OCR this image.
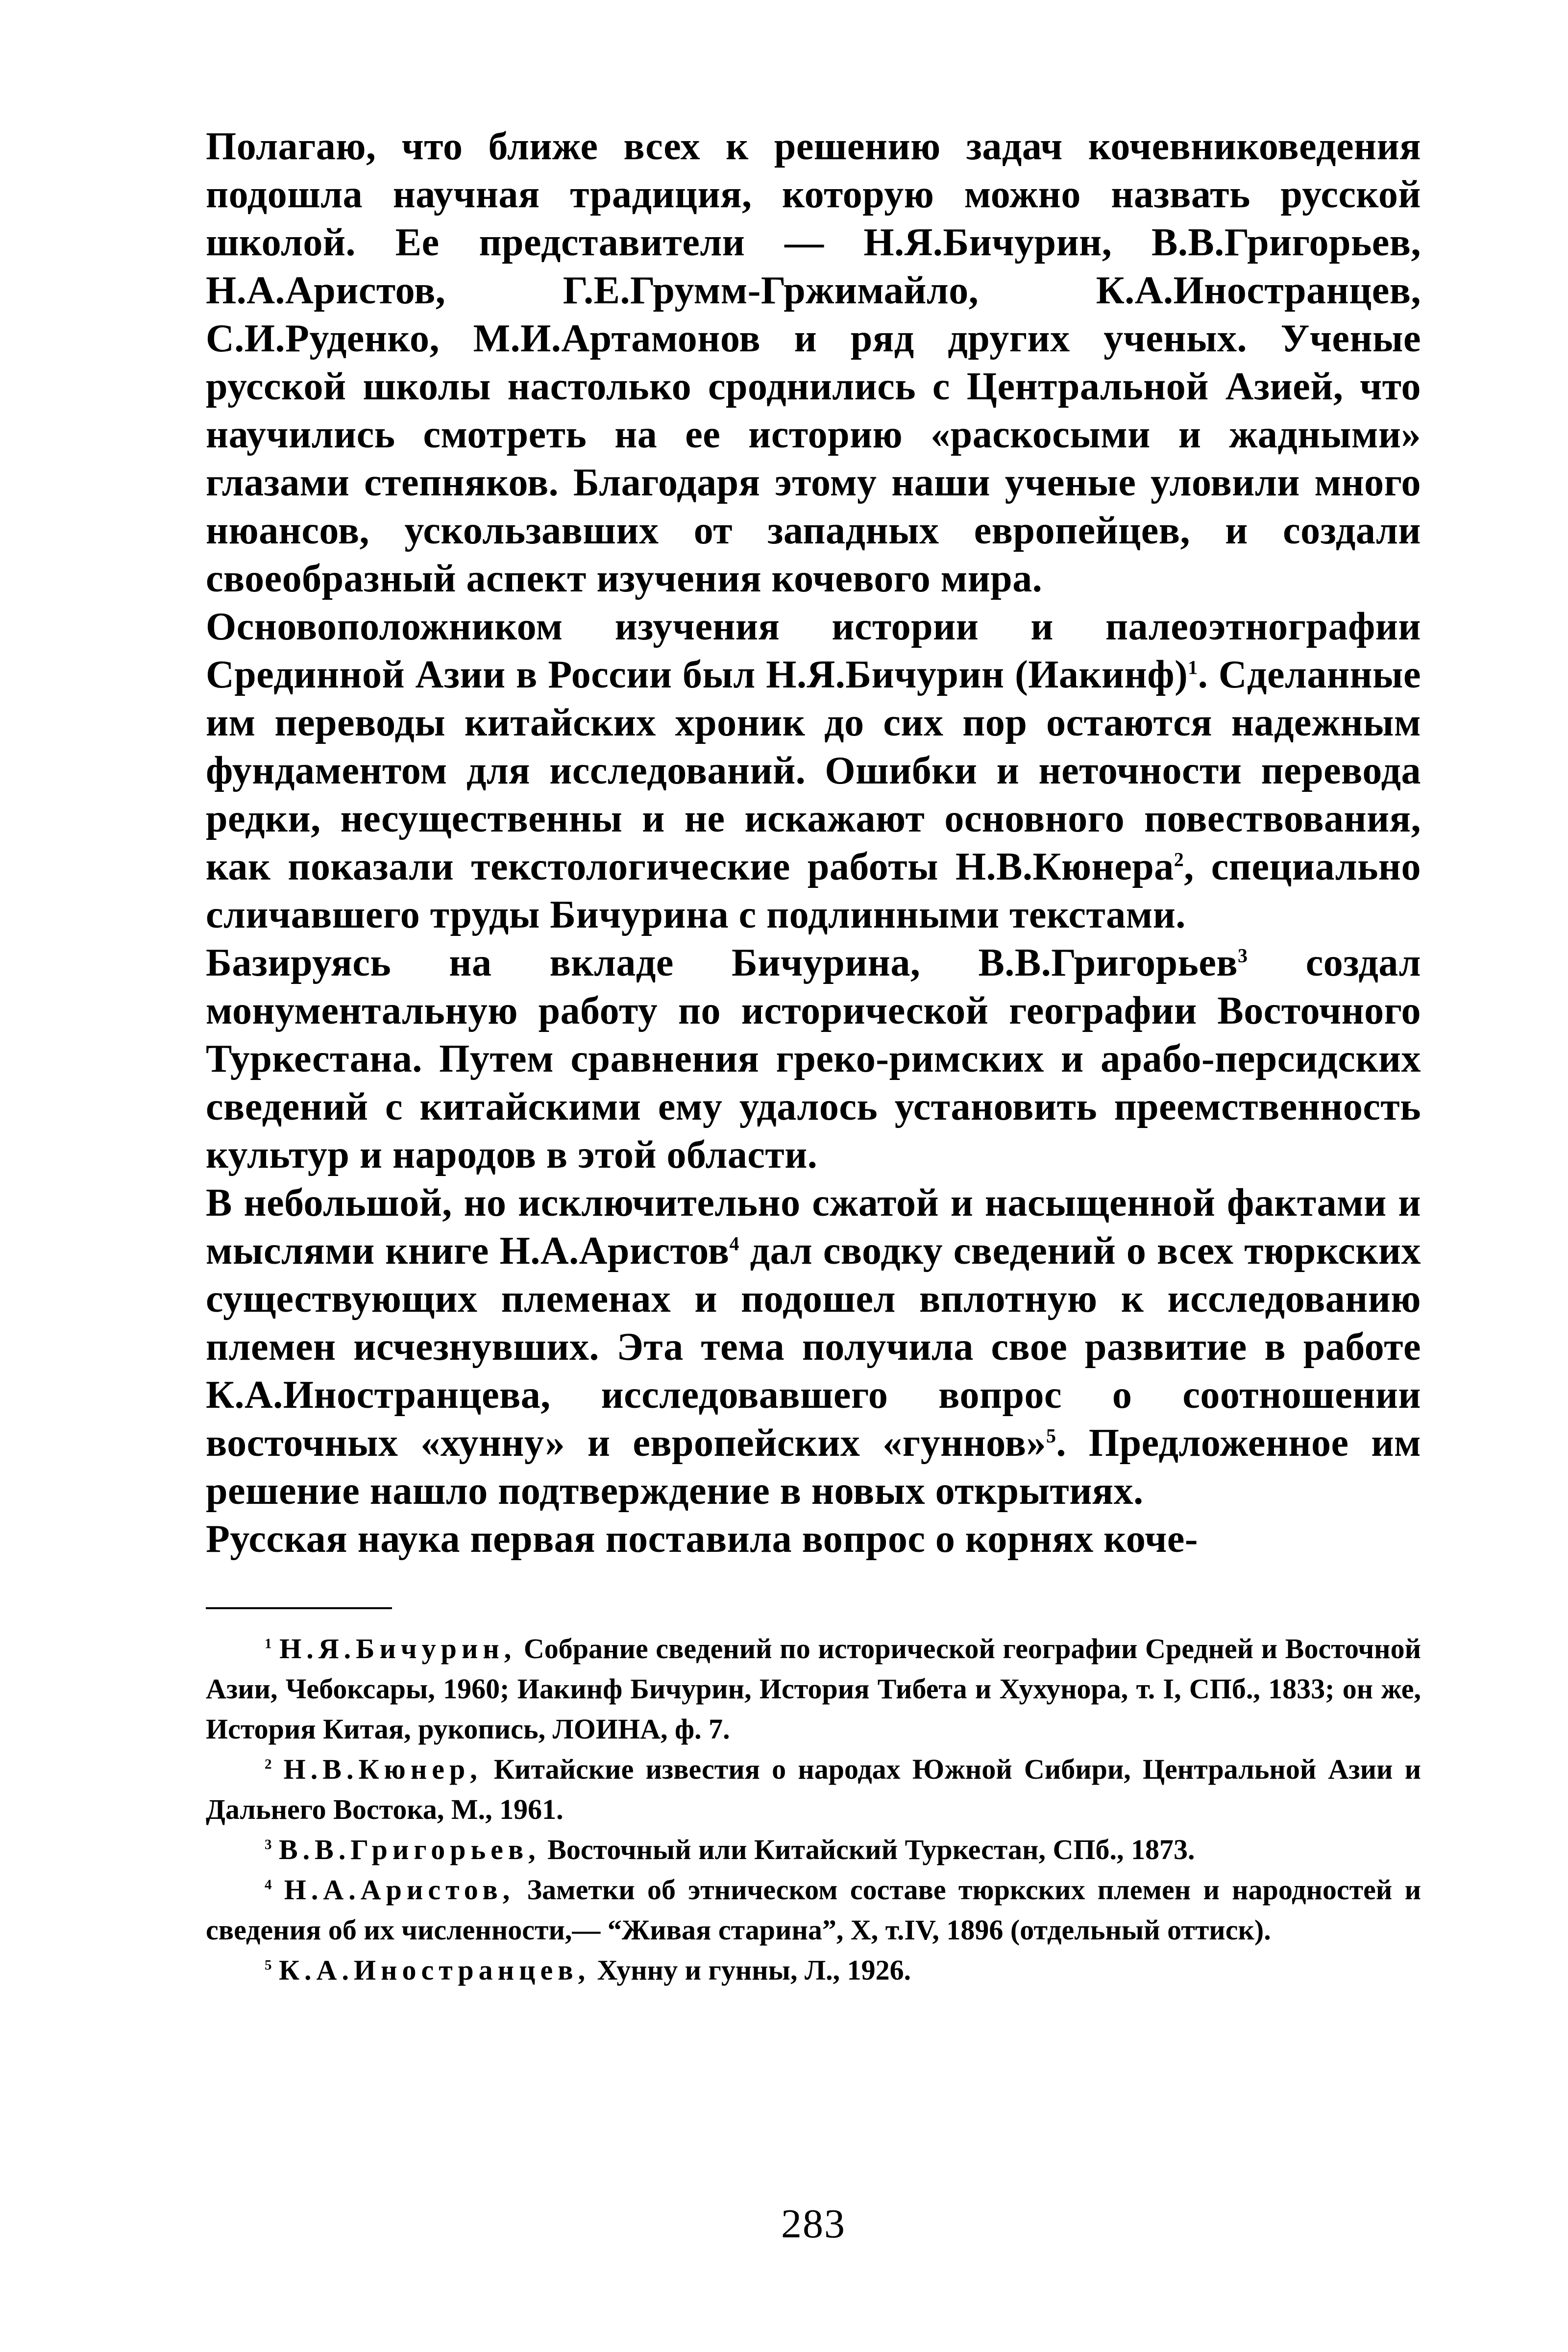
Полагаю, что ближе всех к решению задач кочевниковедения подошла научная традиция, которую можно назвать русской школой. Ее представители — Н.Я.Бичурин, В.В.Григорьев, Н.А.Аристов, Г.Е.Грумм-Гржимайло, К.А.Иностранцев, С.И.Руденко, М.И.Артамонов и ряд других ученых. Ученые русской школы настолько сроднились с Центральной Азией, что научились смотреть на ее историю «раскосыми и жадными» глазами степняков. Благодаря этому наши ученые уловили много нюансов, ускользавших от западных европейцев, и создали своеобразный аспект изучения кочевого мира.

Основоположником изучения истории и палеоэтнографии Срединной Азии в России был Н.Я.Бичурин (Иакинф)$^1$. Сделанные им переводы китайских хроник до сих пор остаются надежным фундаментом для исследований. Ошибки и неточности перевода редки, несущественны и не искажают основного повествования, как показали текстологические работы Н.В.Кюнера$^2$, специально сличавшего труды Бичурина с подлинными текстами.

Базируясь на вкладе Бичурина, В.В.Григорьев$^3$ создал монументальную работу по исторической географии Восточного Туркестана. Путем сравнения греко-римских и арабо-персидских сведений с китайскими ему удалось установить преемственность культур и народов в этой области.

В небольшой, но исключительно сжатой и насыщенной фактами и мыслями книге Н.А.Аристов$^4$ дал сводку сведений о всех тюркских существующих племенах и подошел вплотную к исследованию племен исчезнувших. Эта тема получила свое развитие в работе К.А.Иностранцева, исследовавшего вопрос о соотношении восточных «хунну» и европейских «гуннов»$^5$. Предложенное им решение нашло подтверждение в новых открытиях.

Русская наука первая поставила вопрос о корнях коче-

$^1$ Н.Я.Бичурин, Собрание сведений по исторической географии Средней и Восточной Азии, Чебоксары, 1960; Иакинф Бичурин, История Тибета и Хухунора, т. I, СПб., 1833; он же, История Китая, рукопись, ЛОИНА, ф. 7.

$^2$ Н.В.Кюнер, Китайские известия о народах Южной Сибири, Центральной Азии и Дальнего Востока, М., 1961.

$^3$ В.В.Григорьев, Восточный или Китайский Туркестан, СПб., 1873.

$^4$ Н.А.Аристов, Заметки об этническом составе тюркских племен и народностей и сведения об их численности,— “Живая старина”, X, т.IV, 1896 (отдельный оттиск).

$^5$ К.А.Иностранцев, Хунну и гунны, Л., 1926.

283
